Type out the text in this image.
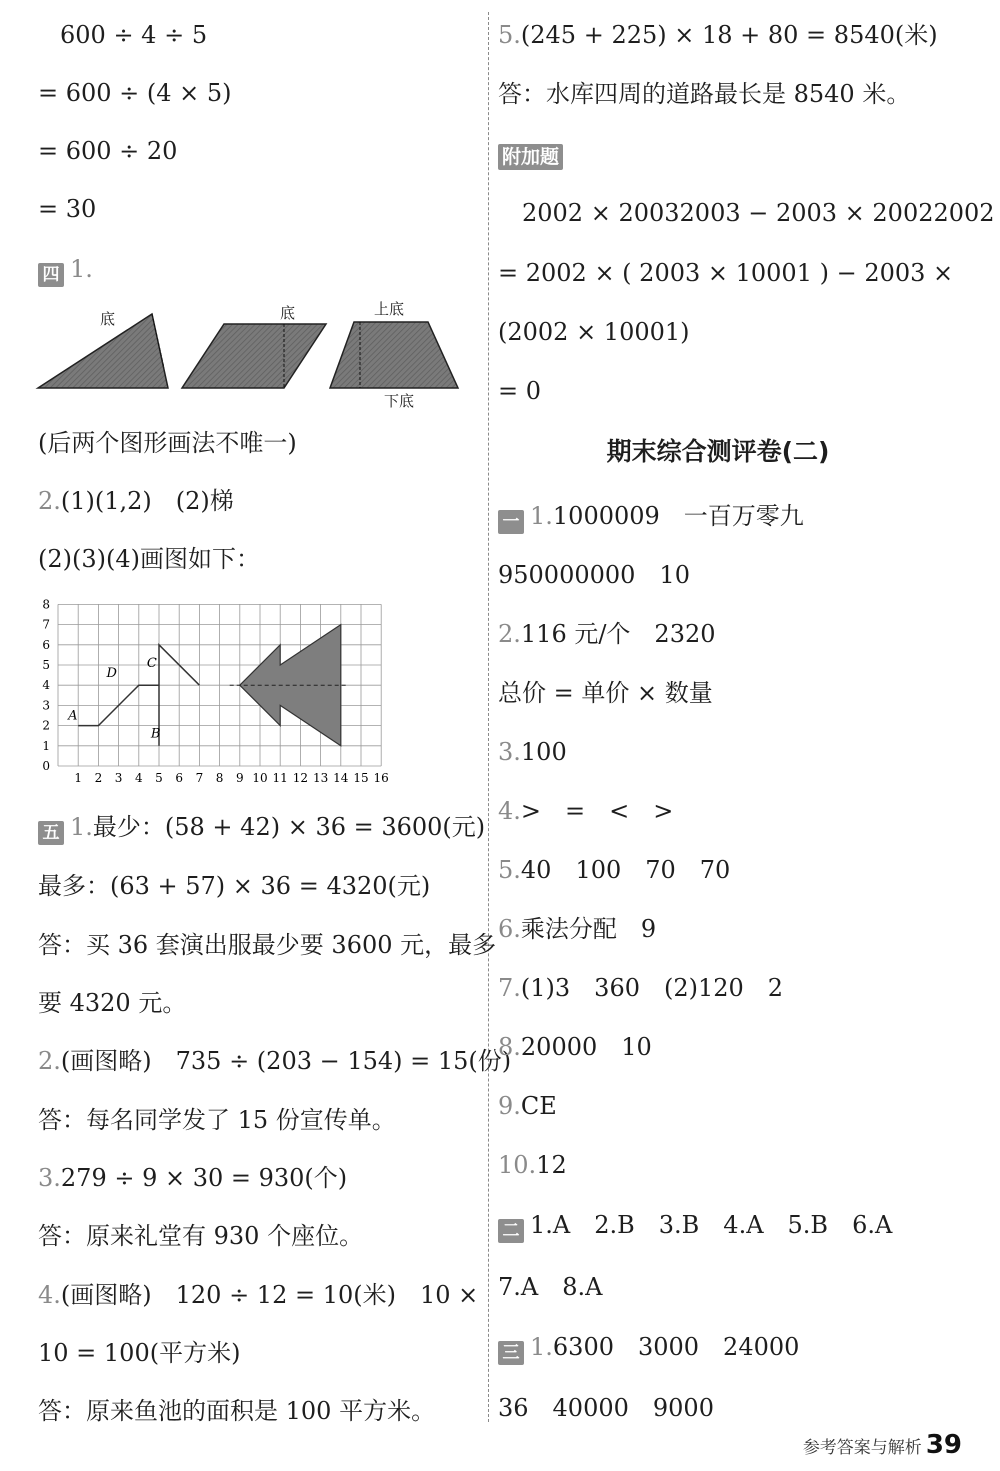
600 ÷ 4 ÷ 5
= 600 ÷ (4 × 5)
= 600 ÷ 20
= 30
四 1.
底	底	上底
下底
(后两个图形画法不唯一)
2.(1)(1,2)　(2)梯
(2)(3)(4)画图如下：
1 2 3 4 5 6 7 8 9 10 11 12 13 14 15 16
0
1
2
3
4
5
6
7
8
A
B
C
D
五 1.最少：(58 + 42) × 36 = 3600(元)
最多：(63 + 57) × 36 = 4320(元)
答：买 36 套演出服最少要 3600 元，最多
要 4320 元。
2.(画图略)　735 ÷ (203 − 154) = 15(份)
答：每名同学发了 15 份宣传单。
3.279 ÷ 9 × 30 = 930(个)
答：原来礼堂有 930 个座位。
4.(画图略)　120 ÷ 12 = 10(米)　10 ×
10 = 100(平方米)
答：原来鱼池的面积是 100 平方米。
5.(245 + 225) × 18 + 80 = 8540(米)
答：水库四周的道路最长是 8540 米。
附加题
2002 × 20032003 − 2003 × 20022002
= 2002 × ( 2003 × 10001 ) − 2003 ×
(2002 × 10001)
= 0
期末综合测评卷(二)
一 1.1000009　一百万零九
950000000　10
2.116 元/个　2320
总价 = 单价 × 数量
3.100
4.>　=　<　>
5.40　100　70　70
6.乘法分配　9
7.(1)3　360　(2)120　2
8.20000　10
9.CE
10.12
二 1.A　2.B　3.B　4.A　5.B　6.A
7.A　8.A
三 1.6300　3000　24000
36　40000　9000
参考答案与解析 39
